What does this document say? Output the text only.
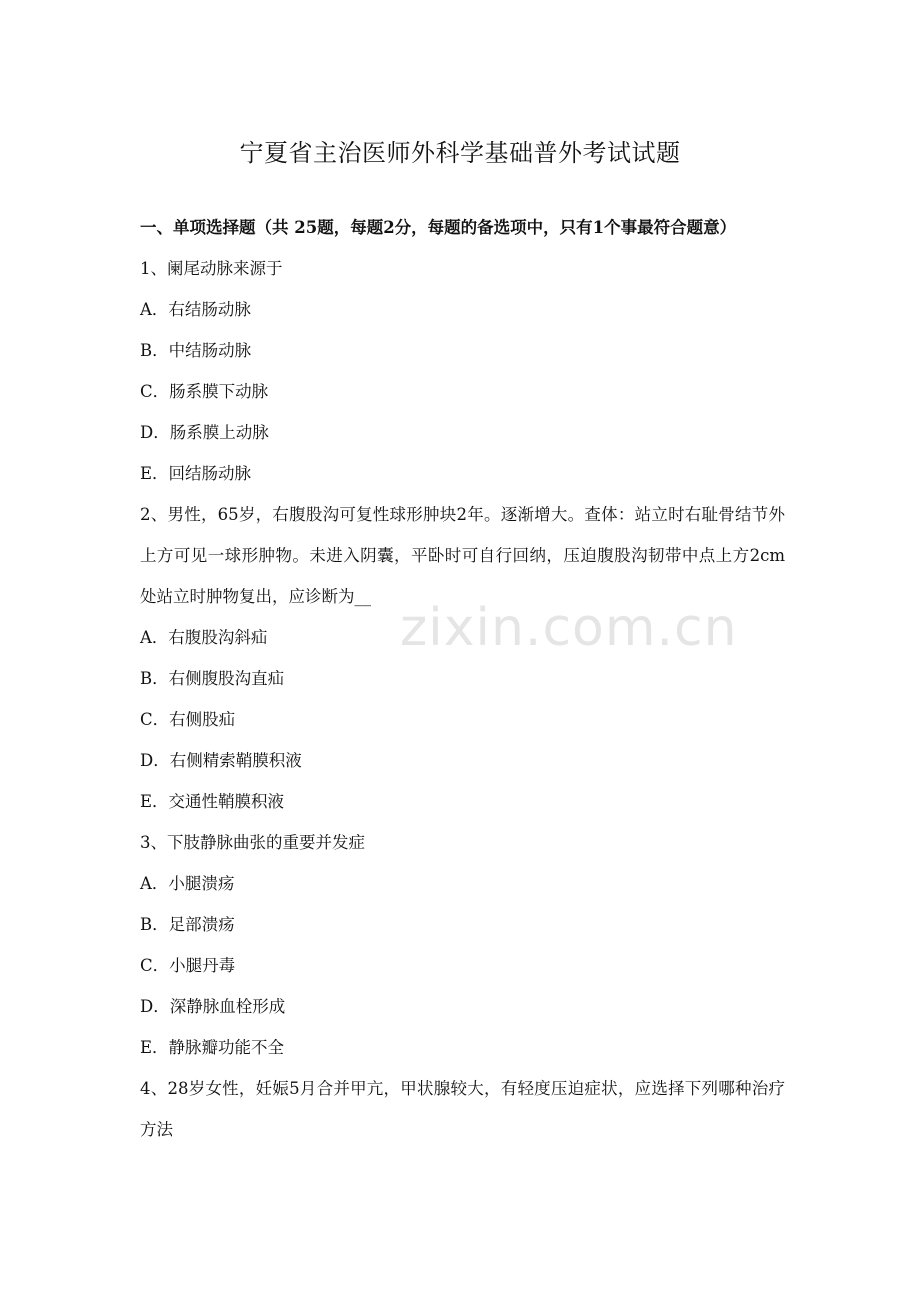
宁夏省主治医师外科学基础普外考试试题
一、单项选择题（共 25题，每题2分，每题的备选项中，只有1个事最符合题意）
1、阑尾动脉来源于
A．右结肠动脉
B．中结肠动脉
C．肠系膜下动脉
D．肠系膜上动脉
E．回结肠动脉
2、男性，65岁，右腹股沟可复性球形肿块2年。逐渐增大。查体：站立时右耻骨结节外上方可见一球形肿物。未进入阴囊，平卧时可自行回纳，压迫腹股沟韧带中点上方2cm处站立时肿物复出，应诊断为__
A．右腹股沟斜疝
B．右侧腹股沟直疝
C．右侧股疝
D．右侧精索鞘膜积液
E．交通性鞘膜积液
3、下肢静脉曲张的重要并发症
A．小腿溃疡
B．足部溃疡
C．小腿丹毒
D．深静脉血栓形成
E．静脉瓣功能不全
4、28岁女性，妊娠5月合并甲亢，甲状腺较大，有轻度压迫症状，应选择下列哪种治疗方法
zixin.com.cn
